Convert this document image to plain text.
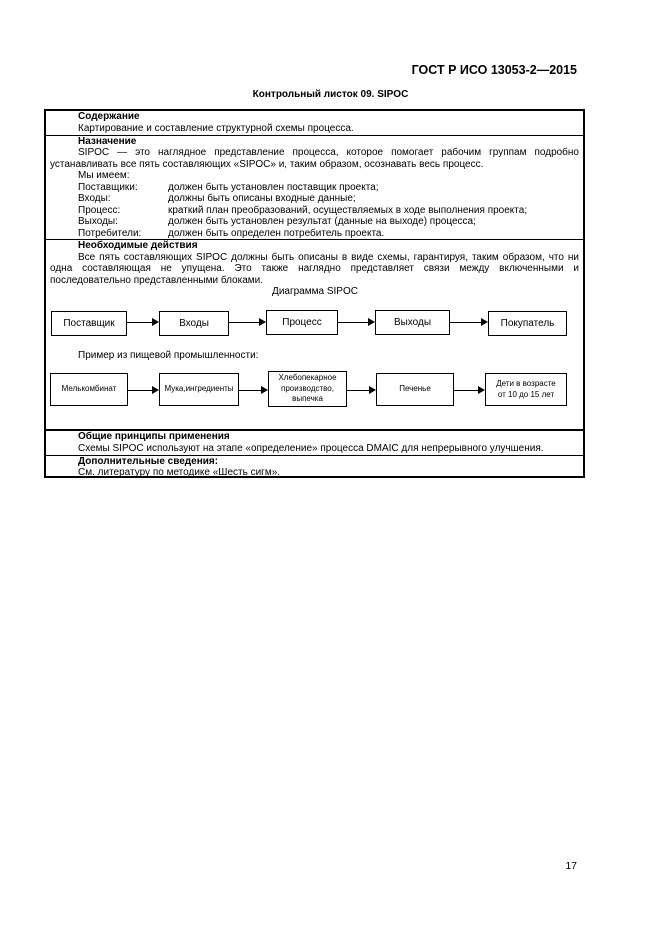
ГОСТ Р ИСО 13053-2—2015
Контрольный листок 09. SIPOC
Содержание
Картирование и составление структурной схемы процесса.
Назначение
SIPOC — это наглядное представление процесса, которое помогает рабочим группам подробно устанавливать все пять составляющих «SIPOC» и, таким образом, осознавать весь процесс.
Мы имеем:
Поставщики:	должен быть установлен поставщик проекта;
Входы:	должны быть описаны входные данные;
Процесс:	краткий план преобразований, осуществляемых в ходе выполнения проекта;
Выходы:	должен быть установлен результат (данные на выходе) процесса;
Потребители:	должен быть определен потребитель проекта.
Необходимые действия
Все пять составляющих SIPOC должны быть описаны в виде схемы, гарантируя, таким образом, что ни одна составляющая не упущена. Это также наглядно представляет связи между включенными и последовательно представленными блоками.
Диаграмма SIPOC
Поставщик	Входы	Процесс	Выходы	Покупатель
Пример из пищевой промышленности:
Мелькомбинат	Мука, ингредиенты
Хлебопекарное
производство,
выпечка
Печенье
Дети в возрасте
от 10 до 15 лет
Общие принципы применения
Схемы SIPOC используют на этапе «определение» процесса DMAIC для непрерывного улучшения.
Дополнительные сведения:
См. литературу по методике «Шесть сигм».
17
